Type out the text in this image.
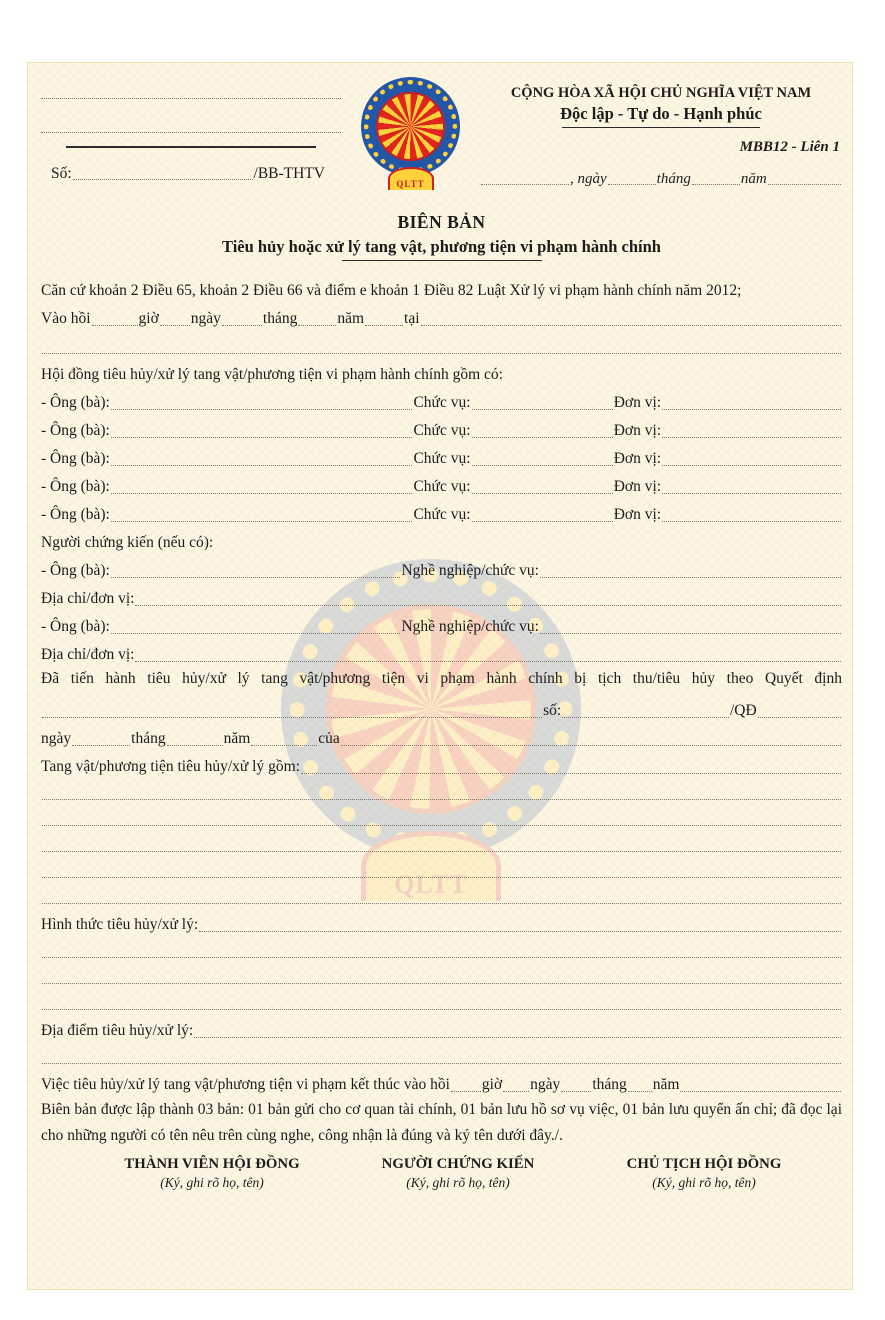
QLTT
Số:	/BB-THTV
QLTT
CỘNG HÒA XÃ HỘI CHỦ NGHĨA VIỆT NAM
Độc lập - Tự do - Hạnh phúc
MBB12 - Liên 1
, ngày	tháng	năm
BIÊN BẢN
Tiêu hủy hoặc xử lý tang vật, phương tiện vi phạm hành chính
Căn cứ khoản 2 Điều 65, khoản 2 Điều 66 và điểm e khoản 1 Điều 82 Luật Xử lý vi phạm hành chính năm 2012;
Vào hồi	giờ ngày	tháng	năm	tại
Hội đồng tiêu hủy/xử lý tang vật/phương tiện vi phạm hành chính gồm có:
- Ông (bà):	Chức vụ:	Đơn vị:
- Ông (bà):	Chức vụ:	Đơn vị:
- Ông (bà):	Chức vụ:	Đơn vị:
- Ông (bà):	Chức vụ:	Đơn vị:
- Ông (bà):	Chức vụ:	Đơn vị:
Người chứng kiến (nếu có):
- Ông (bà):	Nghề nghiệp/chức vụ:
Địa chỉ/đơn vị:
- Ông (bà):	Nghề nghiệp/chức vụ:
Địa chỉ/đơn vị:
Đã tiến hành tiêu hủy/xử lý tang vật/phương tiện vi phạm hành chính bị tịch thu/tiêu hủy theo Quyết định
số:	/QĐ
ngày	tháng	năm	của
Tang vật/phương tiện tiêu hủy/xử lý gồm:
Hình thức tiêu hủy/xử lý:
Địa điểm tiêu hủy/xử lý:
Việc tiêu hủy/xử lý tang vật/phương tiện vi phạm kết thúc vào hồi giờ ngày tháng năm
Biên bản được lập thành 03 bản: 01 bản gửi cho cơ quan tài chính, 01 bản lưu hồ sơ vụ việc, 01 bản lưu quyển ấn chỉ; đã đọc lại cho những người có tên nêu trên cùng nghe, công nhận là đúng và ký tên dưới đây./.
THÀNH VIÊN HỘI ĐỒNG
(Ký, ghi rõ họ, tên)
NGƯỜI CHỨNG KIẾN
(Ký, ghi rõ họ, tên)
CHỦ TỊCH HỘI ĐỒNG
(Ký, ghi rõ họ, tên)
